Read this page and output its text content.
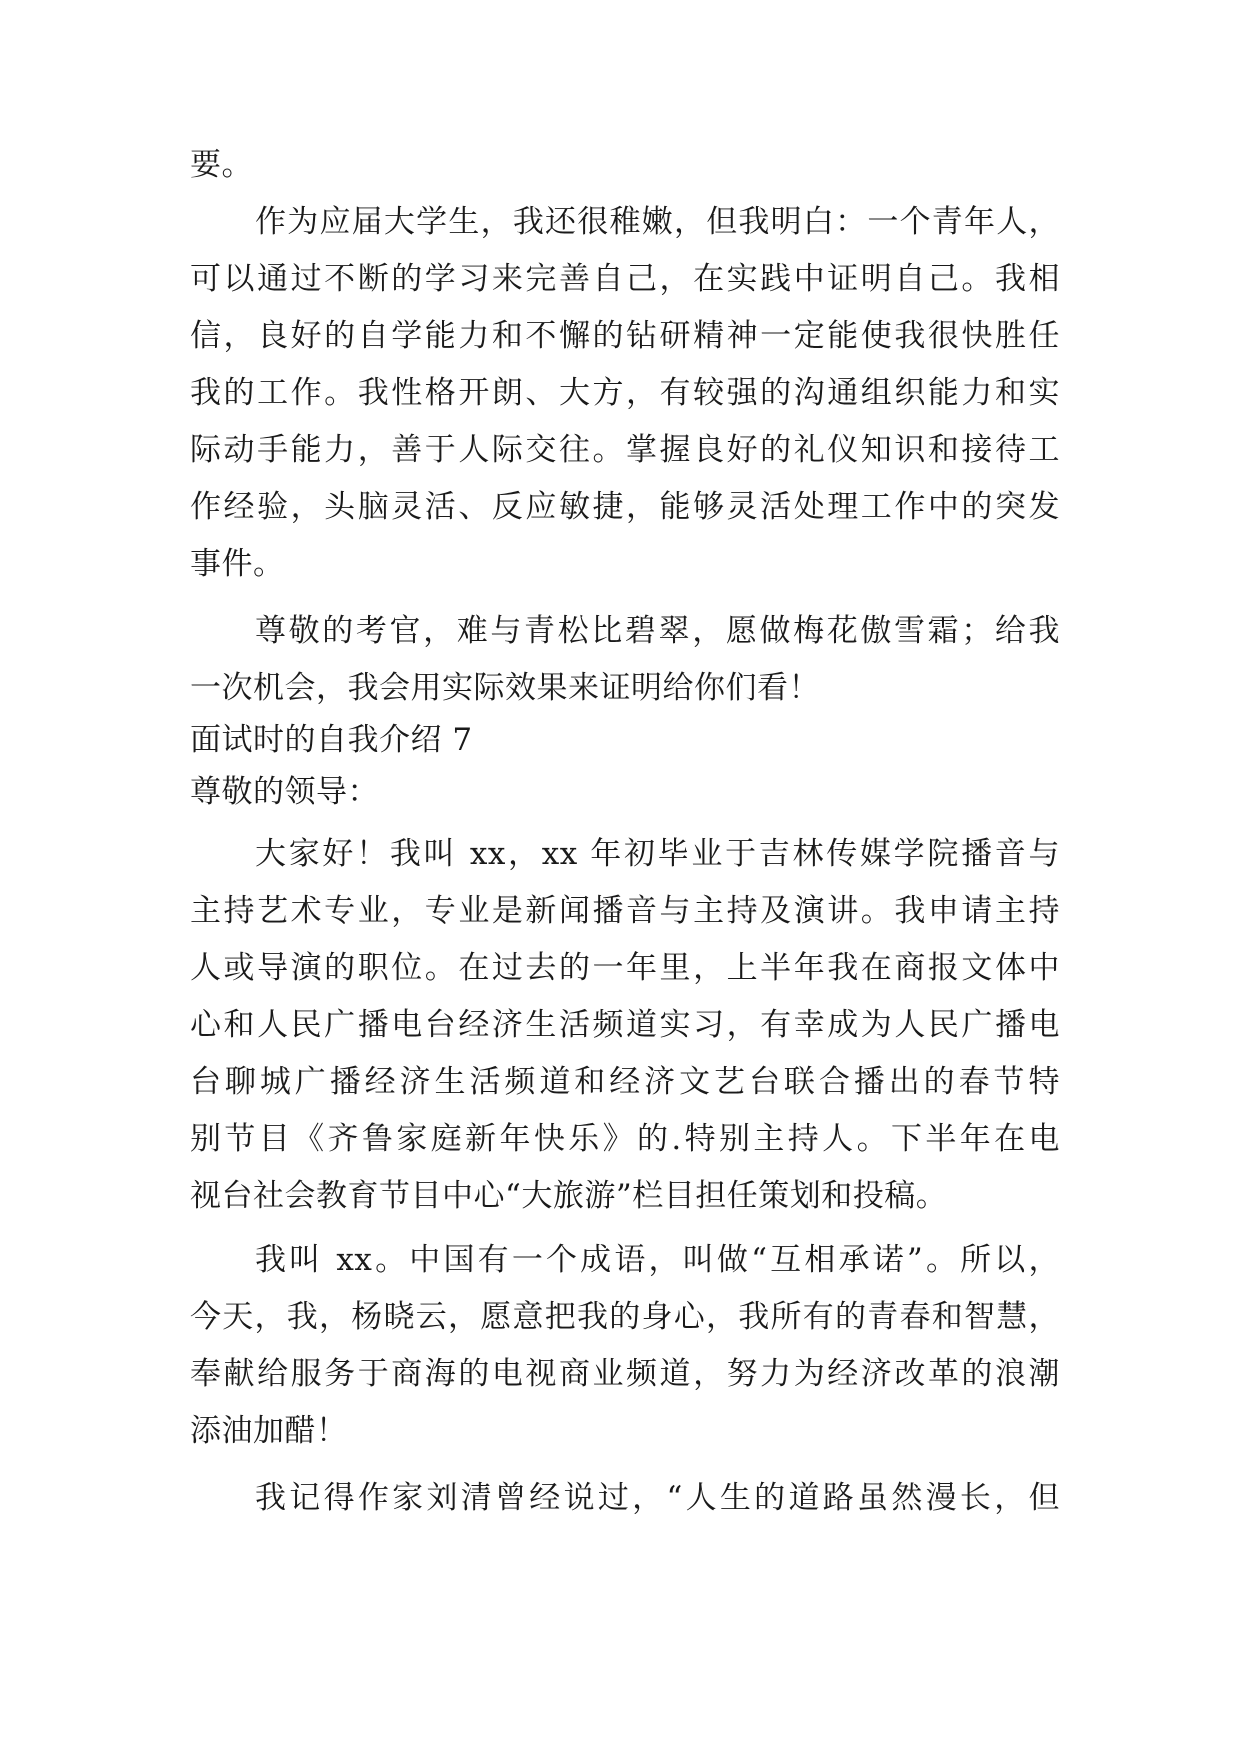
要。
作为应届大学生，我还很稚嫩，但我明白：一个青年人，
可以通过不断的学习来完善自己，在实践中证明自己。我相
信，良好的自学能力和不懈的钻研精神一定能使我很快胜任
我的工作。我性格开朗、大方，有较强的沟通组织能力和实
际动手能力，善于人际交往。掌握良好的礼仪知识和接待工
作经验，头脑灵活、反应敏捷，能够灵活处理工作中的突发
事件。
尊敬的考官，难与青松比碧翠，愿做梅花傲雪霜；给我
一次机会，我会用实际效果来证明给你们看！
面试时的自我介绍 7
尊敬的领导：
大家好！我叫 xx，xx 年初毕业于吉林传媒学院播音与
主持艺术专业，专业是新闻播音与主持及演讲。我申请主持
人或导演的职位。在过去的一年里，上半年我在商报文体中
心和人民广播电台经济生活频道实习，有幸成为人民广播电
台聊城广播经济生活频道和经济文艺台联合播出的春节特
别节目《齐鲁家庭新年快乐》的.特别主持人。下半年在电
视台社会教育节目中心“大旅游”栏目担任策划和投稿。
我叫 xx。中国有一个成语，叫做“互相承诺”。所以，
今天，我，杨晓云，愿意把我的身心，我所有的青春和智慧，
奉献给服务于商海的电视商业频道，努力为经济改革的浪潮
添油加醋！
我记得作家刘清曾经说过，“人生的道路虽然漫长，但
